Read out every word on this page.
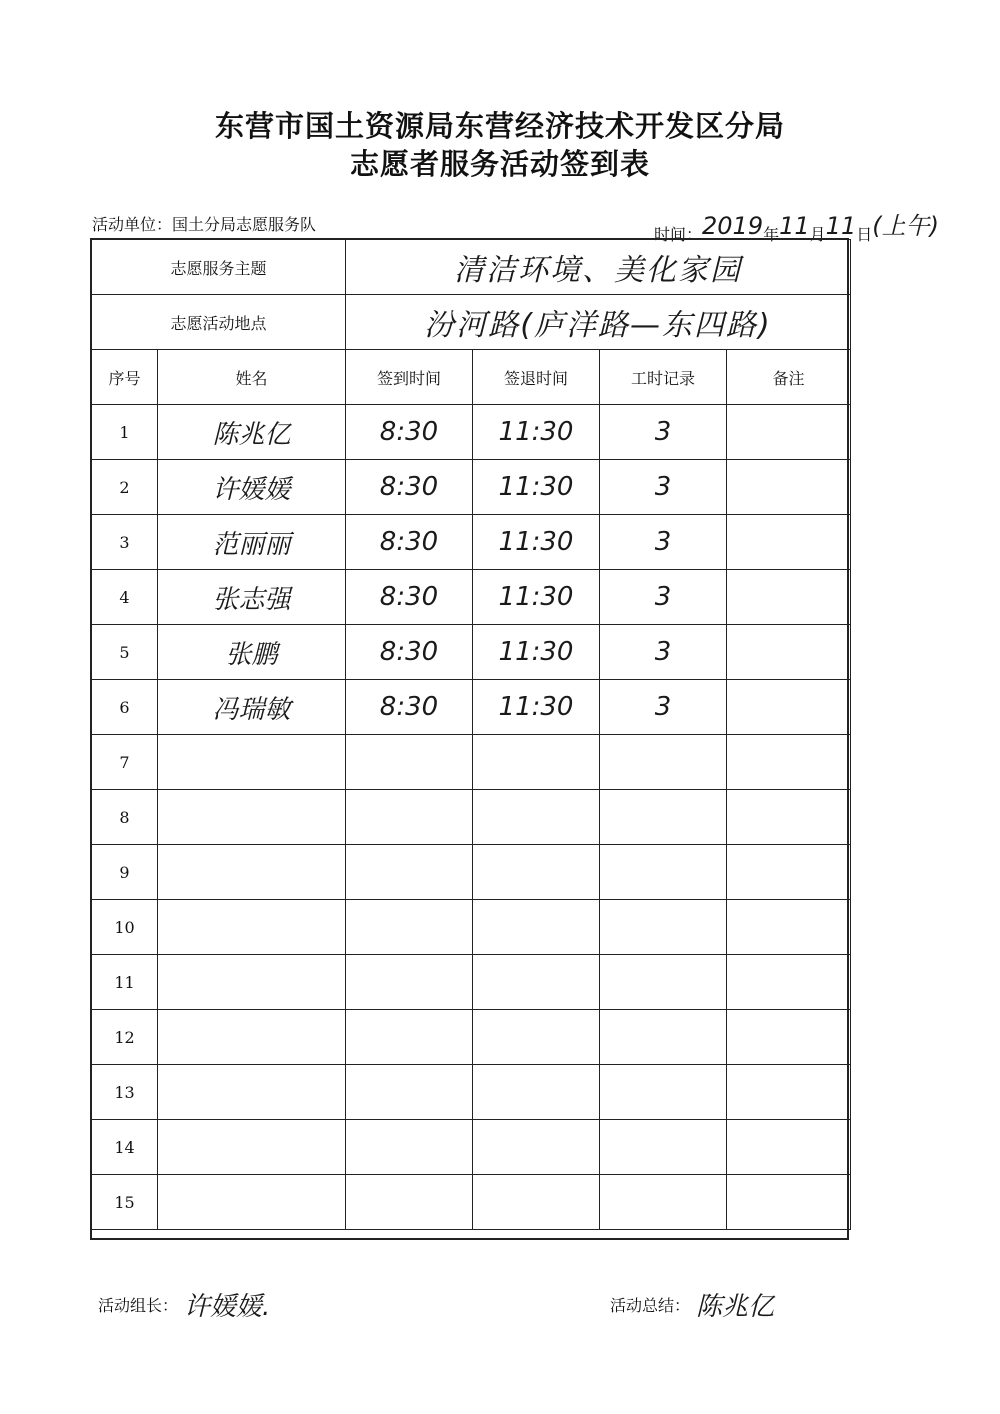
东营市国土资源局东营经济技术开发区分局
志愿者服务活动签到表
活动单位：国土分局志愿服务队
时间：2019年11月11日(上午)
志愿服务主题		清洁环境、美化家园			
志愿活动地点		汾河路(庐洋路—东四路)			
序号	姓名	签到时间	签退时间	工时记录	备注
1	陈兆亿	8:30	11:30	3	
2	许媛媛	8:30	11:30	3	
3	范丽丽	8:30	11:30	3	
4	张志强	8:30	11:30	3	
5	张鹏	8:30	11:30	3	
6	冯瑞敏	8:30	11:30	3	
7					
8					
9					
10					
11					
12					
13					
14					
15					
活动组长： 许媛媛.	活动总结： 陈兆亿
